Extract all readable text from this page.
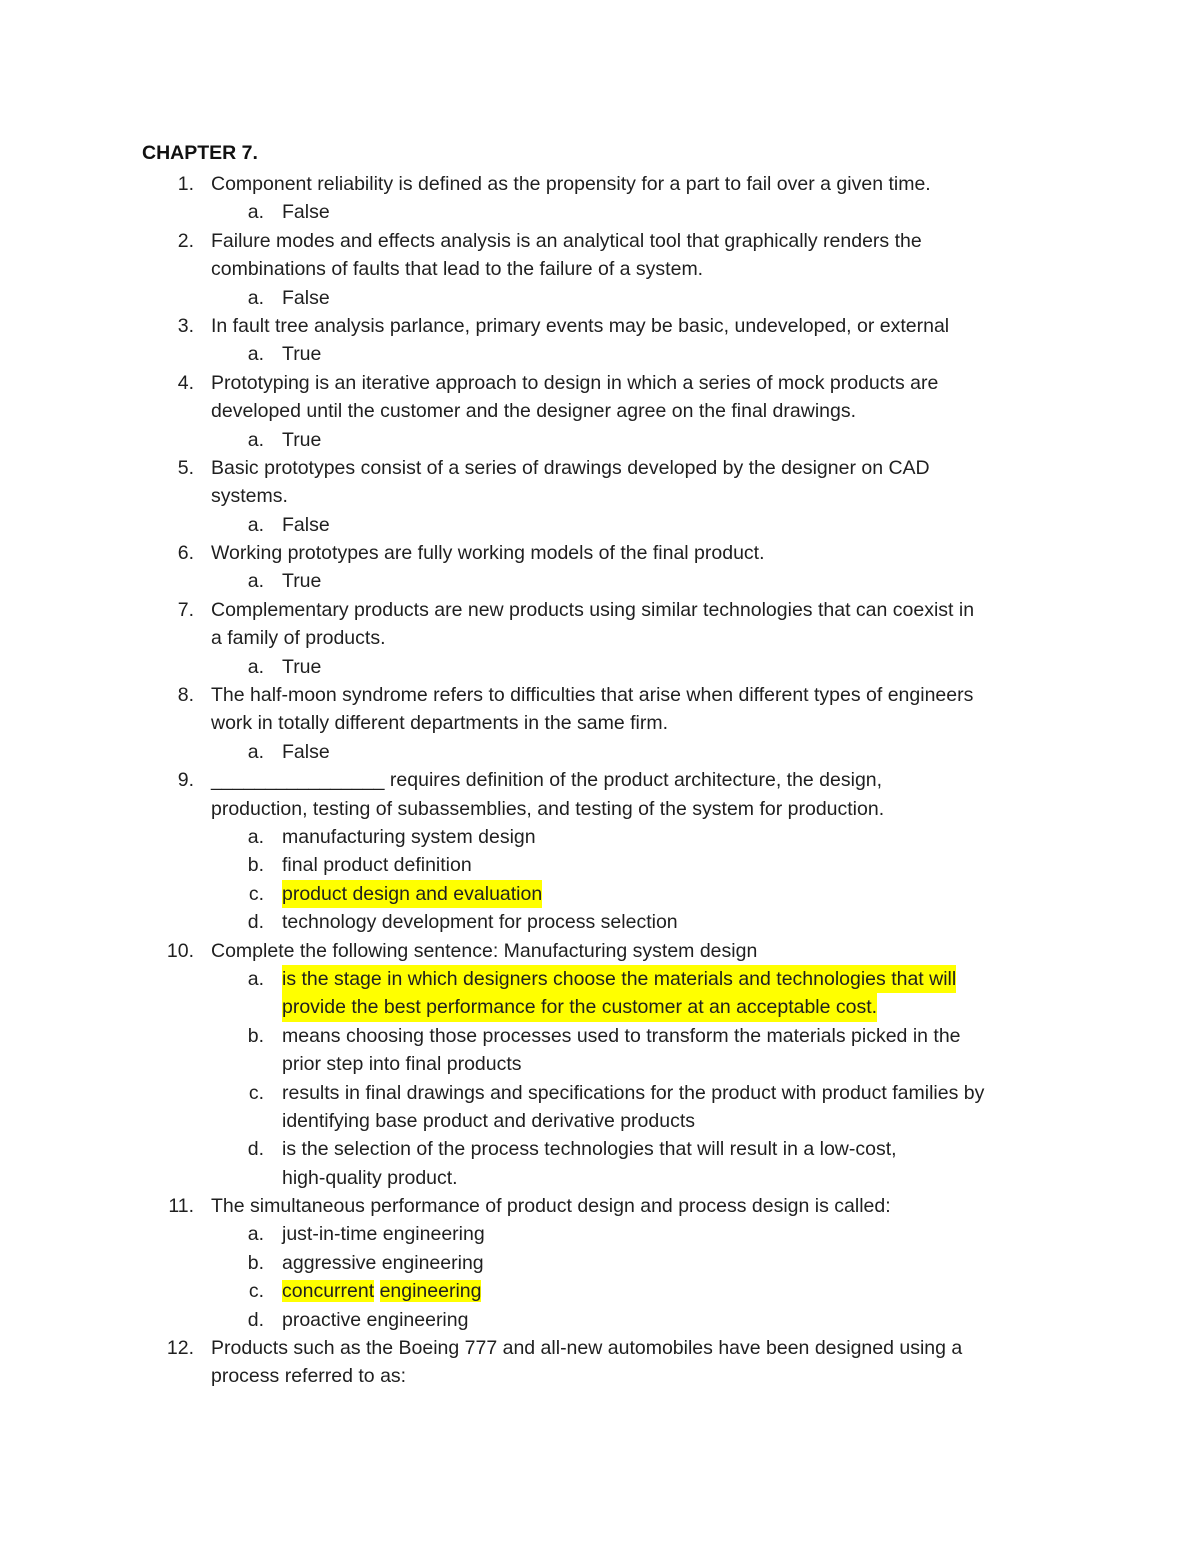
CHAPTER 7.
1. Component reliability is defined as the propensity for a part to fail over a given time.
a. False
2. Failure modes and effects analysis is an analytical tool that graphically renders the
combinations of faults that lead to the failure of a system.
a. False
3. In fault tree analysis parlance, primary events may be basic, undeveloped, or external
a. True
4. Prototyping is an iterative approach to design in which a series of mock products are
developed until the customer and the designer agree on the final drawings.
a. True
5. Basic prototypes consist of a series of drawings developed by the designer on CAD
systems.
a. False
6. Working prototypes are fully working models of the final product.
a. True
7. Complementary products are new products using similar technologies that can coexist in
a family of products.
a. True
8. The half-moon syndrome refers to difficulties that arise when different types of engineers
work in totally different departments in the same firm.
a. False
9. ________________ requires definition of the product architecture, the design,
production, testing of subassemblies, and testing of the system for production.
a. manufacturing system design
b. final product definition
c. product design and evaluation
d. technology development for process selection
10. Complete the following sentence: Manufacturing system design
a. is the stage in which designers choose the materials and technologies that will
provide the best performance for the customer at an acceptable cost.
b. means choosing those processes used to transform the materials picked in the
prior step into final products
c. results in final drawings and specifications for the product with product families by
identifying base product and derivative products
d. is the selection of the process technologies that will result in a low-cost,
high-quality product.
11. The simultaneous performance of product design and process design is called:
a. just-in-time engineering
b. aggressive engineering
c. concurrent engineering
d. proactive engineering
12. Products such as the Boeing 777 and all-new automobiles have been designed using a
process referred to as:
